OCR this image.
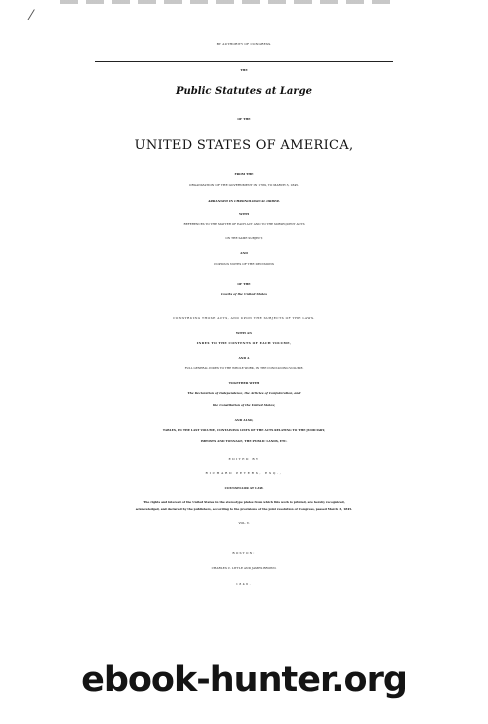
⁄
BY AUTHORITY OF CONGRESS.
THE
Public Statutes at Large
OF THE
UNITED STATES OF AMERICA,
FROM THE
ORGANIZATION OF THE GOVERNMENT IN 1789, TO MARCH 3, 1845.
ARRANGED IN CHRONOLOGICAL ORDER.
WITH
REFERENCES TO THE MATTER OF EACH ACT AND TO THE SUBSEQUENT ACTS
ON THE SAME SUBJECT,
AND
COPIOUS NOTES OF THE DECISIONS
OF THE
Courts of the United States
CONSTRUING THOSE ACTS, AND UPON THE SUBJECTS OF THE LAWS.
WITH AN
INDEX TO THE CONTENTS OF EACH VOLUME,
AND A
FULL GENERAL INDEX TO THE WHOLE WORK, IN THE CONCLUDING VOLUME.
TOGETHER WITH
The Declaration of Independence, the Articles of Confederation, and
the Constitution of the United States;
AND ALSO,
TABLES, IN THE LAST VOLUME, CONTAINING LISTS OF THE ACTS RELATING TO THE JUDICIARY,
IMPOSTS AND TONNAGE, THE PUBLIC LANDS, ETC.
EDITED BY
RICHARD PETERS, ESQ.,
COUNSELLOR AT LAW.
The rights and interest of the United States in the stereotype plates from which this work is printed, are hereby recognized,
acknowledged, and declared by the publishers, according to the provisions of the joint resolution of Congress, passed March 3, 1845.
VOL. V.
BOSTON:
CHARLES C. LITTLE AND JAMES BROWN.
1846.
ebook-hunter.org
